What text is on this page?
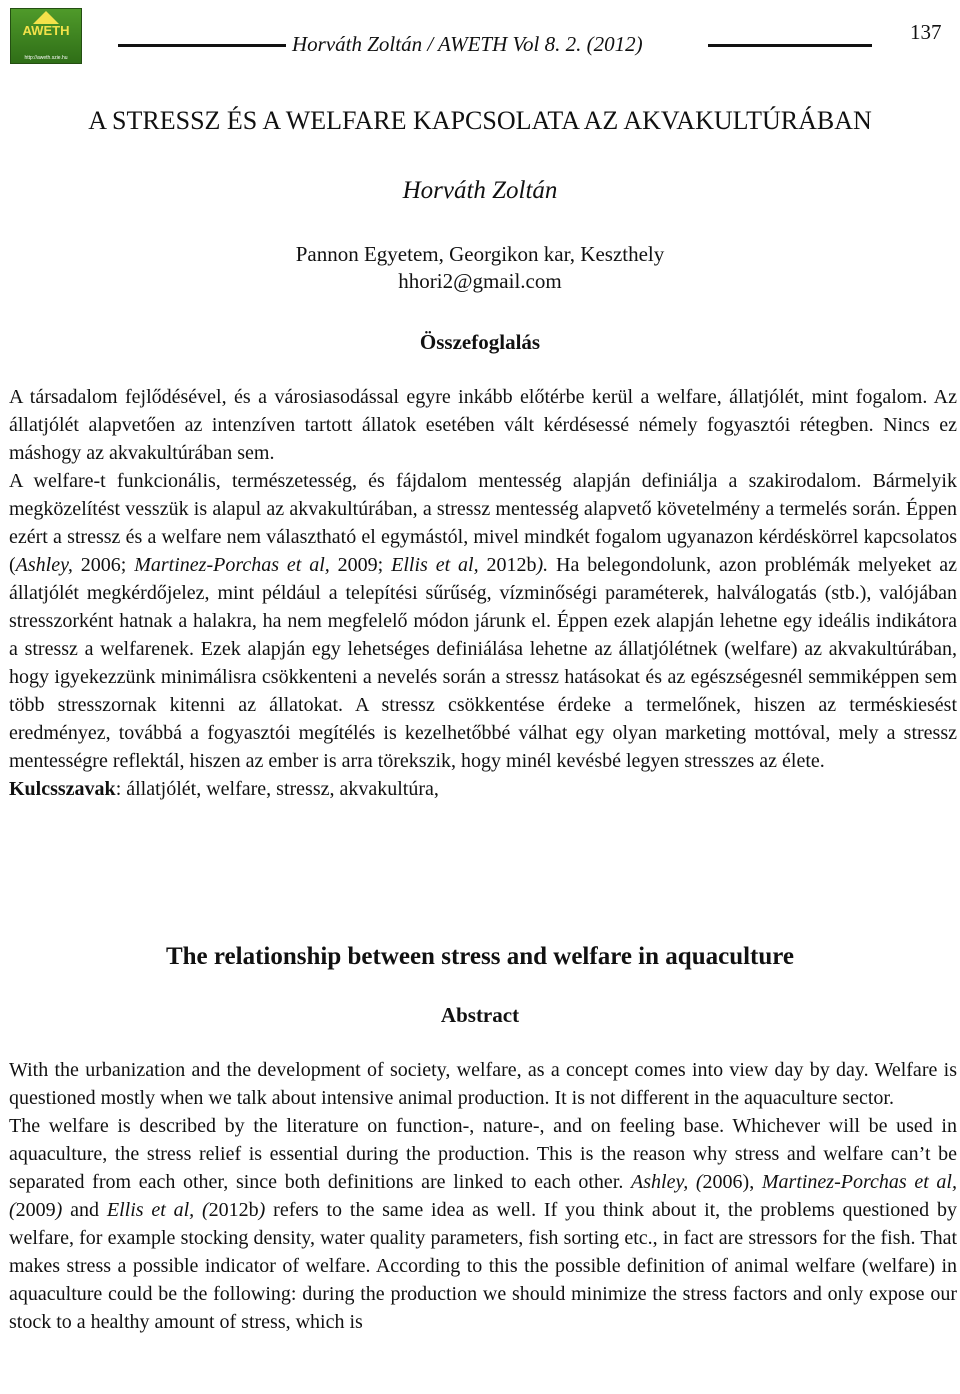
AWETH
http://aweth.szie.hu
Horváth Zoltán / AWETH Vol 8. 2. (2012)	137
A STRESSZ ÉS A WELFARE KAPCSOLATA AZ AKVAKULTÚRÁBAN
Horváth Zoltán
Pannon Egyetem, Georgikon kar, Keszthely
hhori2@gmail.com
Összefoglalás

A társadalom fejlődésével, és a városiasodással egyre inkább előtérbe kerül a welfare, állatjólét, mint fogalom. Az állatjólét alapvetően az intenzíven tartott állatok esetében vált kérdésessé némely fogyasztói rétegben. Nincs ez máshogy az akvakultúrában sem.

A welfare-t funkcionális, természetesség, és fájdalom mentesség alapján definiálja a szakirodalom. Bármelyik megközelítést vesszük is alapul az akvakultúrában, a stressz mentesség alapvető követelmény a termelés során. Éppen ezért a stressz és a welfare nem választható el egymástól, mivel mindkét fogalom ugyanazon kérdéskörrel kapcsolatos (Ashley, 2006; Martinez-Porchas et al, 2009; Ellis et al, 2012b). Ha belegondolunk, azon problémák melyeket az állatjólét megkérdőjelez, mint például a telepítési sűrűség, vízminőségi paraméterek, halválogatás (stb.), valójában stresszorként hatnak a halakra, ha nem megfelelő módon járunk el. Éppen ezek alapján lehetne egy ideális indikátora a stressz a welfarenek. Ezek alapján egy lehetséges definiálása lehetne az állatjólétnek (welfare) az akvakultúrában, hogy igyekezzünk minimálisra csökkenteni a nevelés során a stressz hatásokat és az egészségesnél semmiképpen sem több stresszornak kitenni az állatokat. A stressz csökkentése érdeke a termelőnek, hiszen az terméskiesést eredményez, továbbá a fogyasztói megítélés is kezelhetőbbé válhat egy olyan marketing mottóval, mely a stressz mentességre reflektál, hiszen az ember is arra törekszik, hogy minél kevésbé legyen stresszes az élete.

Kulcsszavak: állatjólét, welfare, stressz, akvakultúra,

The relationship between stress and welfare in aquaculture
Abstract

With the urbanization and the development of society, welfare, as a concept comes into view day by day. Welfare is questioned mostly when we talk about intensive animal production. It is not different in the aquaculture sector.

The welfare is described by the literature on function-, nature-, and on feeling base. Whichever will be used in aquaculture, the stress relief is essential during the production. This is the reason why stress and welfare can’t be separated from each other, since both definitions are linked to each other. Ashley, (2006), Martinez-Porchas et al, (2009) and Ellis et al, (2012b) refers to the same idea as well. If you think about it, the problems questioned by welfare, for example stocking density, water quality parameters, fish sorting etc., in fact are stressors for the fish. That makes stress a possible indicator of welfare. According to this the possible definition of animal welfare (welfare) in aquaculture could be the following: during the production we should minimize the stress factors and only expose our stock to a healthy amount of stress, which is
